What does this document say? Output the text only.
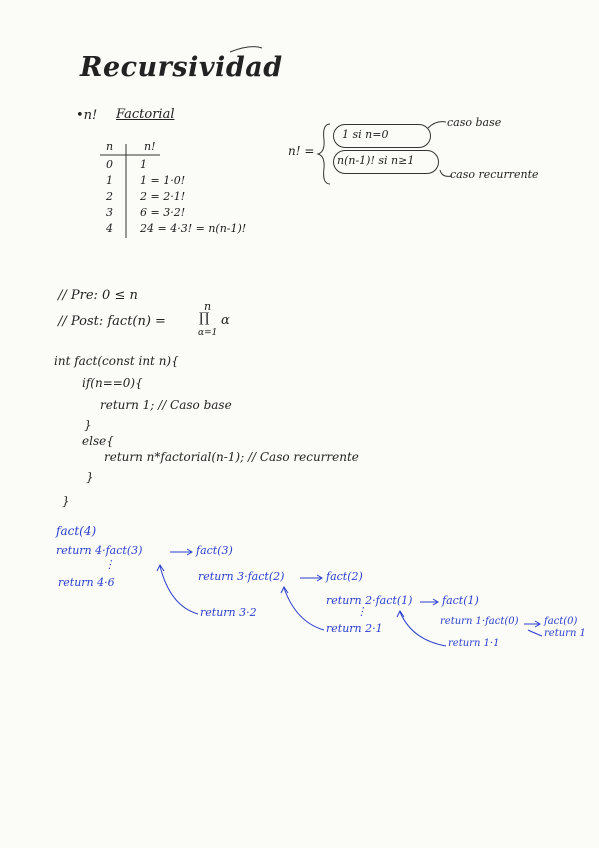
Recursividad
•n! Factorial
n	n!
0 1
1 1 = 1·0!
2 2 = 2·1!
3 6 = 3·2!
4 24 = 4·3! = n(n-1)!
n! =
1 si n=0
n(n-1)! si n≥1
caso base
caso recurrente
// Pre: 0 ≤ n
// Post: fact(n) =
n
∏
α=1
α
int fact(const int n){
if(n==0){
return 1; // Caso base
}
else{
return n*factorial(n-1); // Caso recurrente
}
}
fact(4)
return 4·fact(3)	fact(3)
⋮
return 4·6	return 3·fact(2)	fact(2)
return 3·2
return 2·fact(1)	fact(1)
⋮
return 2·1
return 1·fact(0)	fact(0)
return 1·1
return 1
